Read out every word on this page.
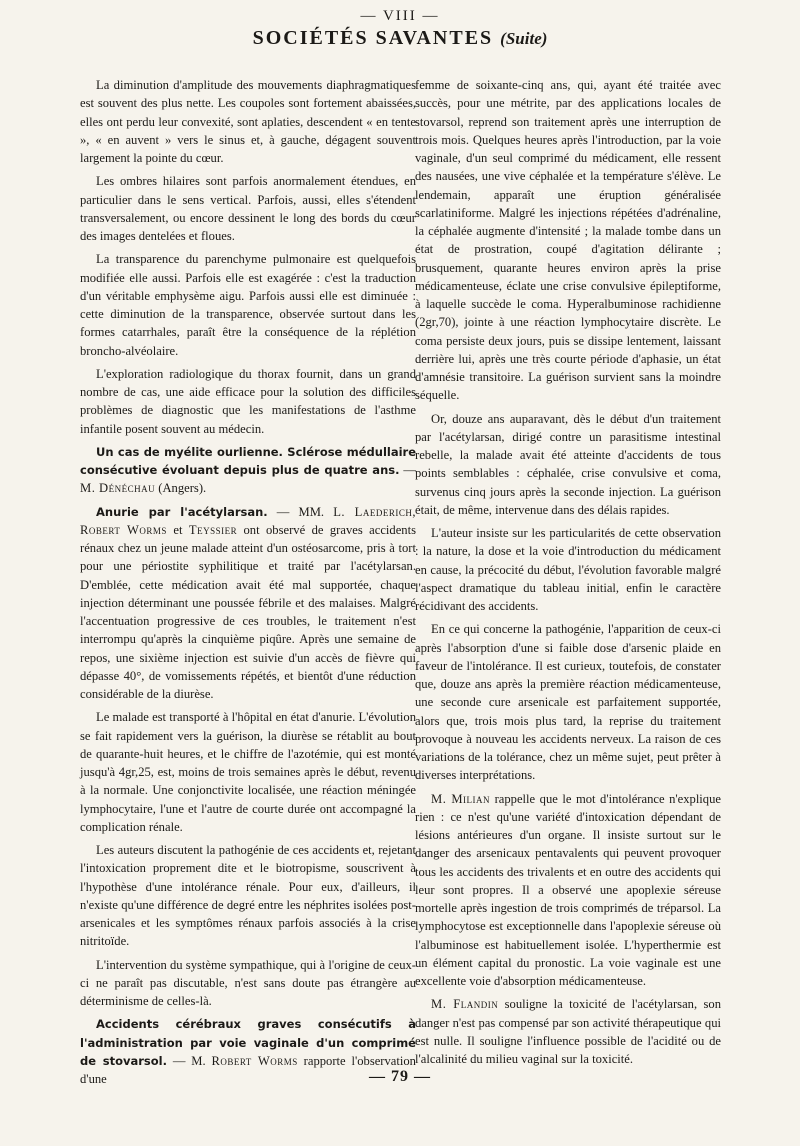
— VIII —
SOCIÉTÉS SAVANTES (Suite)

La diminution d'amplitude des mouvements diaphragmatiques est souvent des plus nette. Les coupoles sont fortement abaissées, elles ont perdu leur convexité, sont aplaties, descendent « en tente », « en auvent » vers le sinus et, à gauche, dégagent souvent largement la pointe du cœur.

Les ombres hilaires sont parfois anormalement étendues, en particulier dans le sens vertical. Parfois, aussi, elles s'étendent transversalement, ou encore dessinent le long des bords du cœur des images dentelées et floues.

La transparence du parenchyme pulmonaire est quelquefois modifiée elle aussi. Parfois elle est exagérée : c'est la traduction d'un véritable emphysème aigu. Parfois aussi elle est diminuée : cette diminution de la transparence, observée surtout dans les formes catarrhales, paraît être la conséquence de la réplétion broncho-alvéolaire.

L'exploration radiologique du thorax fournit, dans un grand nombre de cas, une aide efficace pour la solution des difficiles problèmes de diagnostic que les manifestations de l'asthme infantile posent souvent au médecin.

Un cas de myélite ourlienne. Sclérose médullaire consécutive évoluant depuis plus de quatre ans. — M. Dénéchau (Angers).

Anurie par l'acétylarsan. — MM. L. Laederich, Robert Worms et Teyssier ont observé de graves accidents rénaux chez un jeune malade atteint d'un ostéosarcome, pris à tort pour une périostite syphilitique et traité par l'acétylarsan. D'emblée, cette médication avait été mal supportée, chaque injection déterminant une poussée fébrile et des malaises. Malgré l'accentuation progressive de ces troubles, le traitement n'est interrompu qu'après la cinquième piqûre. Après une semaine de repos, une sixième injection est suivie d'un accès de fièvre qui dépasse 40°, de vomissements répétés, et bientôt d'une réduction considérable de la diurèse.

Le malade est transporté à l'hôpital en état d'anurie. L'évolution se fait rapidement vers la guérison, la diurèse se rétablit au bout de quarante-huit heures, et le chiffre de l'azotémie, qui est monté jusqu'à 4gr,25, est, moins de trois semaines après le début, revenu à la normale. Une conjonctivite localisée, une réaction méningée lymphocytaire, l'une et l'autre de courte durée ont accompagné la complication rénale.

Les auteurs discutent la pathogénie de ces accidents et, rejetant l'intoxication proprement dite et le biotropisme, souscrivent à l'hypothèse d'une intolérance rénale. Pour eux, d'ailleurs, il n'existe qu'une différence de degré entre les néphrites isolées post-arsenicales et les symptômes rénaux parfois associés à la crise nitritoïde.

L'intervention du système sympathique, qui à l'origine de ceux-ci ne paraît pas discutable, n'est sans doute pas étrangère au déterminisme de celles-là.

Accidents cérébraux graves consécutifs à l'administration par voie vaginale d'un comprimé de stovarsol. — M. Robert Worms rapporte l'observation d'une

femme de soixante-cinq ans, qui, ayant été traitée avec succès, pour une métrite, par des applications locales de stovarsol, reprend son traitement après une interruption de trois mois. Quelques heures après l'introduction, par la voie vaginale, d'un seul comprimé du médicament, elle ressent des nausées, une vive céphalée et la température s'élève. Le lendemain, apparaît une éruption généralisée scarlatiniforme. Malgré les injections répétées d'adrénaline, la céphalée augmente d'intensité ; la malade tombe dans un état de prostration, coupé d'agitation délirante ; brusquement, quarante heures environ après la prise médicamenteuse, éclate une crise convulsive épileptiforme, à laquelle succède le coma. Hyperalbuminose rachidienne (2gr,70), jointe à une réaction lymphocytaire discrète. Le coma persiste deux jours, puis se dissipe lentement, laissant derrière lui, après une très courte période d'aphasie, un état d'amnésie transitoire. La guérison survient sans la moindre séquelle.

Or, douze ans auparavant, dès le début d'un traitement par l'acétylarsan, dirigé contre un parasitisme intestinal rebelle, la malade avait été atteinte d'accidents de tous points semblables : céphalée, crise convulsive et coma, survenus cinq jours après la seconde injection. La guérison était, de même, intervenue dans des délais rapides.

L'auteur insiste sur les particularités de cette observation : la nature, la dose et la voie d'introduction du médicament en cause, la précocité du début, l'évolution favorable malgré l'aspect dramatique du tableau initial, enfin le caractère récidivant des accidents.

En ce qui concerne la pathogénie, l'apparition de ceux-ci après l'absorption d'une si faible dose d'arsenic plaide en faveur de l'intolérance. Il est curieux, toutefois, de constater que, douze ans après la première réaction médicamenteuse, une seconde cure arsenicale est parfaitement supportée, alors que, trois mois plus tard, la reprise du traitement provoque à nouveau les accidents nerveux. La raison de ces variations de la tolérance, chez un même sujet, peut prêter à diverses interprétations.

M. Milian rappelle que le mot d'intolérance n'explique rien : ce n'est qu'une variété d'intoxication dépendant de lésions antérieures d'un organe. Il insiste surtout sur le danger des arsenicaux pentavalents qui peuvent provoquer tous les accidents des trivalents et en outre des accidents qui leur sont propres. Il a observé une apoplexie séreuse mortelle après ingestion de trois comprimés de tréparsol. La lymphocytose est exceptionnelle dans l'apoplexie séreuse où l'albuminose est habituellement isolée. L'hyperthermie est un élément capital du pronostic. La voie vaginale est une excellente voie d'absorption médicamenteuse.

M. Flandin souligne la toxicité de l'acétylarsan, son danger n'est pas compensé par son activité thérapeutique qui est nulle. Il souligne l'influence possible de l'acidité ou de l'alcalinité du milieu vaginal sur la toxicité.

— 79 —
